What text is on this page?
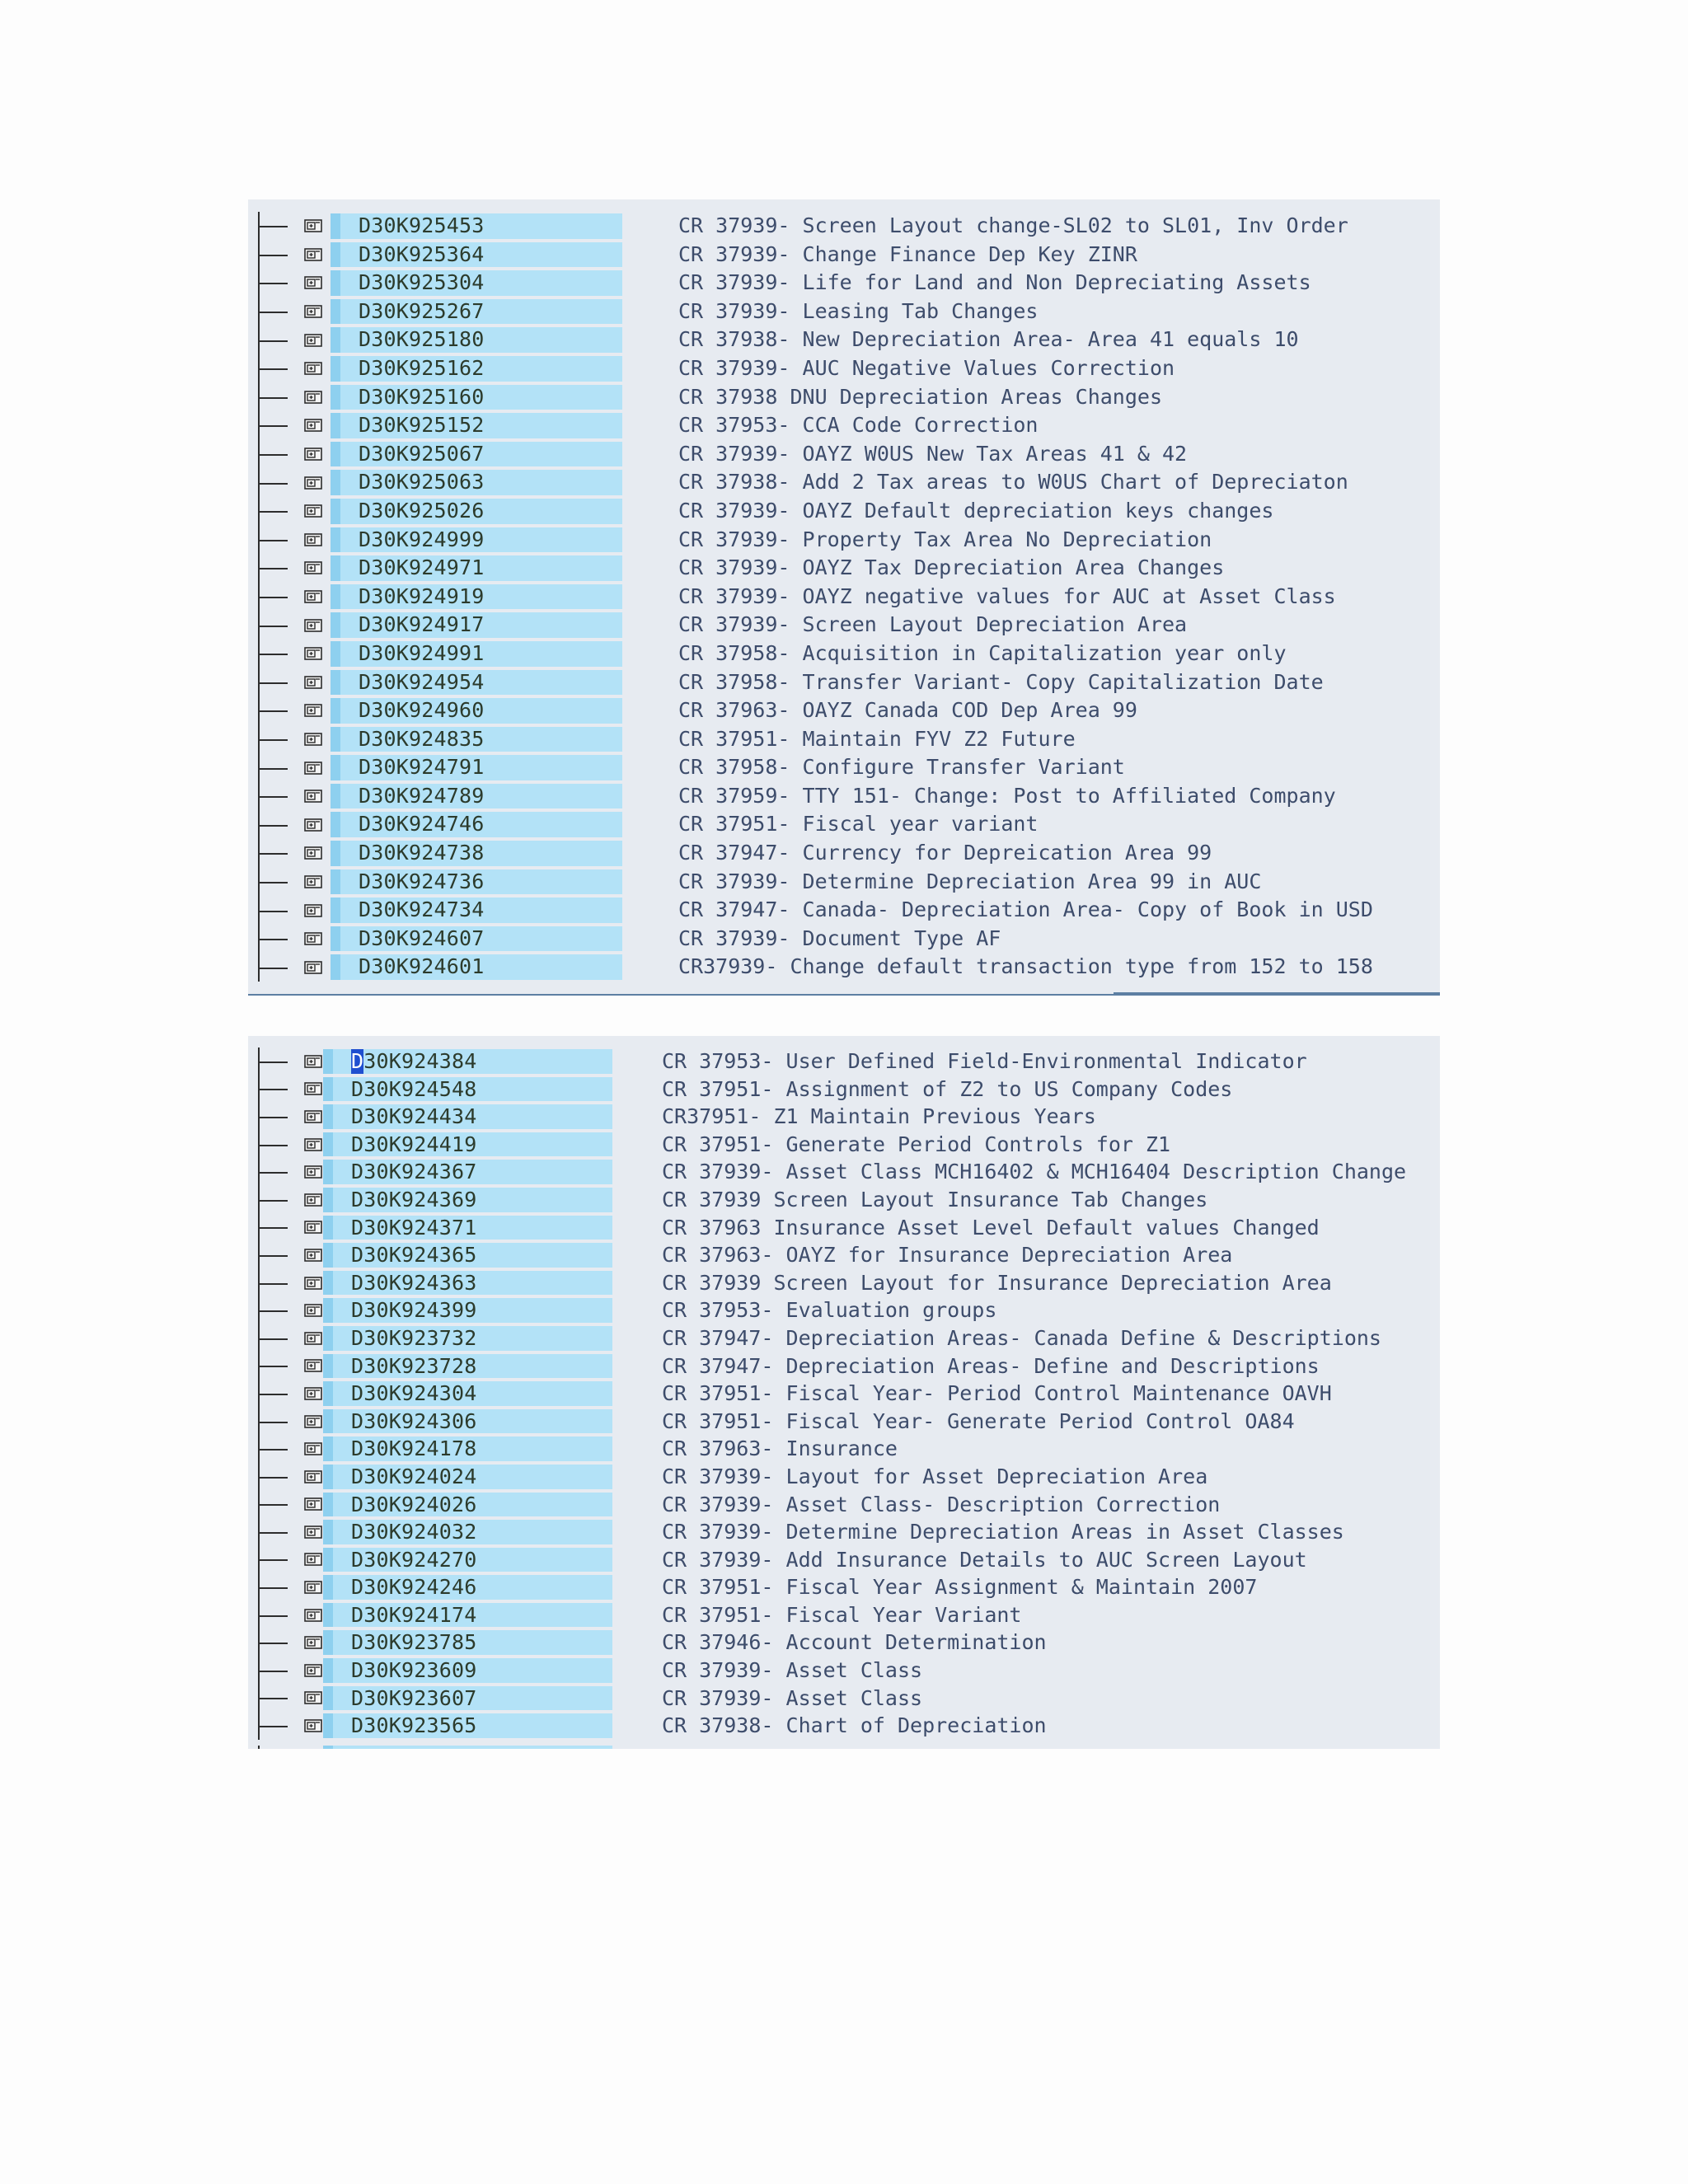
D30K925453	CR 37939- Screen Layout change-SL02 to SL01, Inv Order
D30K925364	CR 37939- Change Finance Dep Key ZINR
D30K925304	CR 37939- Life for Land and Non Depreciating Assets
D30K925267	CR 37939- Leasing Tab Changes
D30K925180	CR 37938- New Depreciation Area- Area 41 equals 10
D30K925162	CR 37939- AUC Negative Values Correction
D30K925160	CR 37938 DNU Depreciation Areas Changes
D30K925152	CR 37953- CCA Code Correction
D30K925067	CR 37939- OAYZ W0US New Tax Areas 41 & 42
D30K925063	CR 37938- Add 2 Tax areas to W0US Chart of Depreciaton
D30K925026	CR 37939- OAYZ Default depreciation keys changes
D30K924999	CR 37939- Property Tax Area No Depreciation
D30K924971	CR 37939- OAYZ Tax Depreciation Area Changes
D30K924919	CR 37939- OAYZ negative values for AUC at Asset Class
D30K924917	CR 37939- Screen Layout Depreciation Area
D30K924991	CR 37958- Acquisition in Capitalization year only
D30K924954	CR 37958- Transfer Variant- Copy Capitalization Date
D30K924960	CR 37963- OAYZ Canada COD Dep Area 99
D30K924835	CR 37951- Maintain FYV Z2 Future
D30K924791	CR 37958- Configure Transfer Variant
D30K924789	CR 37959- TTY 151- Change: Post to Affiliated Company
D30K924746	CR 37951- Fiscal year variant
D30K924738	CR 37947- Currency for Depreication Area 99
D30K924736	CR 37939- Determine Depreciation Area 99 in AUC
D30K924734	CR 37947- Canada- Depreciation Area- Copy of Book in USD
D30K924607	CR 37939- Document Type AF
D30K924601	CR37939- Change default transaction type from 152 to 158
D30K924384	CR 37953- User Defined Field-Environmental Indicator
D30K924548	CR 37951- Assignment of Z2 to US Company Codes
D30K924434	CR37951- Z1 Maintain Previous Years
D30K924419	CR 37951- Generate Period Controls for Z1
D30K924367	CR 37939- Asset Class MCH16402 & MCH16404 Description Change
D30K924369	CR 37939 Screen Layout Insurance Tab Changes
D30K924371	CR 37963 Insurance Asset Level Default values Changed
D30K924365	CR 37963- OAYZ for Insurance Depreciation Area
D30K924363	CR 37939 Screen Layout for Insurance Depreciation Area
D30K924399	CR 37953- Evaluation groups
D30K923732	CR 37947- Depreciation Areas- Canada Define & Descriptions
D30K923728	CR 37947- Depreciation Areas- Define and Descriptions
D30K924304	CR 37951- Fiscal Year- Period Control Maintenance OAVH
D30K924306	CR 37951- Fiscal Year- Generate Period Control OA84
D30K924178	CR 37963- Insurance
D30K924024	CR 37939- Layout for Asset Depreciation Area
D30K924026	CR 37939- Asset Class- Description Correction
D30K924032	CR 37939- Determine Depreciation Areas in Asset Classes
D30K924270	CR 37939- Add Insurance Details to AUC Screen Layout
D30K924246	CR 37951- Fiscal Year Assignment & Maintain 2007
D30K924174	CR 37951- Fiscal Year Variant
D30K923785	CR 37946- Account Determination
D30K923609	CR 37939- Asset Class
D30K923607	CR 37939- Asset Class
D30K923565	CR 37938- Chart of Depreciation
